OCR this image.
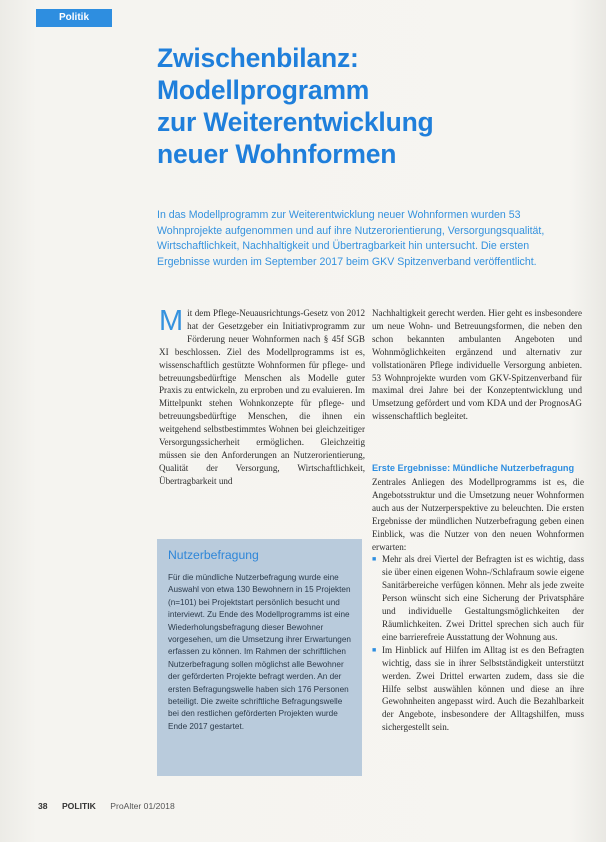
Politik
Zwischenbilanz:
Modellprogramm
zur Weiterentwicklung
neuer Wohnformen

In das Modellprogramm zur Weiterentwicklung neuer Wohnformen wurden 53 Wohnprojekte aufgenommen und auf ihre Nutzerorientierung, Versorgungsqualität, Wirtschaftlichkeit, Nachhaltigkeit und Übertragbarkeit hin untersucht. Die ersten Ergebnisse wurden im September 2017 beim GKV Spitzenverband veröffentlicht.

Mit dem Pflege-Neuausrichtungs-Gesetz von 2012 hat der Gesetzgeber ein Initiativprogramm zur Förderung neuer Wohnformen nach § 45f SGB XI beschlossen. Ziel des Modellprogramms ist es, wissenschaftlich gestützte Wohnformen für pflege- und betreuungsbedürftige Menschen als Modelle guter Praxis zu entwickeln, zu erproben und zu evaluieren. Im Mittelpunkt stehen Wohnkonzepte für pflege- und betreuungsbedürftige Menschen, die ihnen ein weitgehend selbstbestimmtes Wohnen bei gleichzeitiger Versorgungssicherheit ermöglichen. Gleichzeitig müssen sie den Anforderungen an Nutzerorientierung, Qualität der Versorgung, Wirtschaftlichkeit, Übertragbarkeit und

Nachhaltigkeit gerecht werden. Hier geht es insbesondere um neue Wohn- und Betreuungsformen, die neben den schon bekannten ambulanten Angeboten und Wohnmöglichkeiten ergänzend und alternativ zur vollstationären Pflege individuelle Versorgung anbieten. 53 Wohnprojekte wurden vom GKV-Spitzenverband für maximal drei Jahre bei der Konzeptentwicklung und Umsetzung gefördert und vom KDA und der PrognosAG wissenschaftlich begleitet.

Erste Ergebnisse: Mündliche Nutzerbefragung

Zentrales Anliegen des Modellprogramms ist es, die Angebotsstruktur und die Umsetzung neuer Wohnformen auch aus der Nutzerperspektive zu beleuchten. Die ersten Ergebnisse der mündlichen Nutzerbefragung geben einen Einblick, was die Nutzer von den neuen Wohnformen erwarten:

■ Mehr als drei Viertel der Befragten ist es wichtig, dass sie über einen eigenen Wohn-/Schlafraum sowie eigene Sanitärbereiche verfügen können. Mehr als jede zweite Person wünscht sich eine Sicherung der Privatsphäre und individuelle Gestaltungsmöglichkeiten der Räumlichkeiten. Zwei Drittel sprechen sich auch für eine barrierefreie Ausstattung der Wohnung aus.
■ Im Hinblick auf Hilfen im Alltag ist es den Befragten wichtig, dass sie in ihrer Selbstständigkeit unterstützt werden. Zwei Drittel erwarten zudem, dass sie die Hilfe selbst auswählen können und diese an ihre Gewohnheiten angepasst wird. Auch die Bezahlbarkeit der Angebote, insbesondere der Alltagshilfen, muss sichergestellt sein.
Nutzerbefragung

Für die mündliche Nutzerbefragung wurde eine Auswahl von etwa 130 Bewohnern in 15 Projekten (n=101) bei Projektstart persönlich besucht und interviewt. Zu Ende des Modellprogramms ist eine Wiederholungsbefragung dieser Bewohner vorgesehen, um die Umsetzung ihrer Erwartungen erfassen zu können. Im Rahmen der schriftlichen Nutzerbefragung sollen möglichst alle Bewohner der geförderten Projekte befragt werden. An der ersten Befragungswelle haben sich 176 Personen beteiligt. Die zweite schriftliche Befragungswelle bei den restlichen geförderten Projekten wurde Ende 2017 gestartet.

38 POLITIK ProAlter 01/2018
